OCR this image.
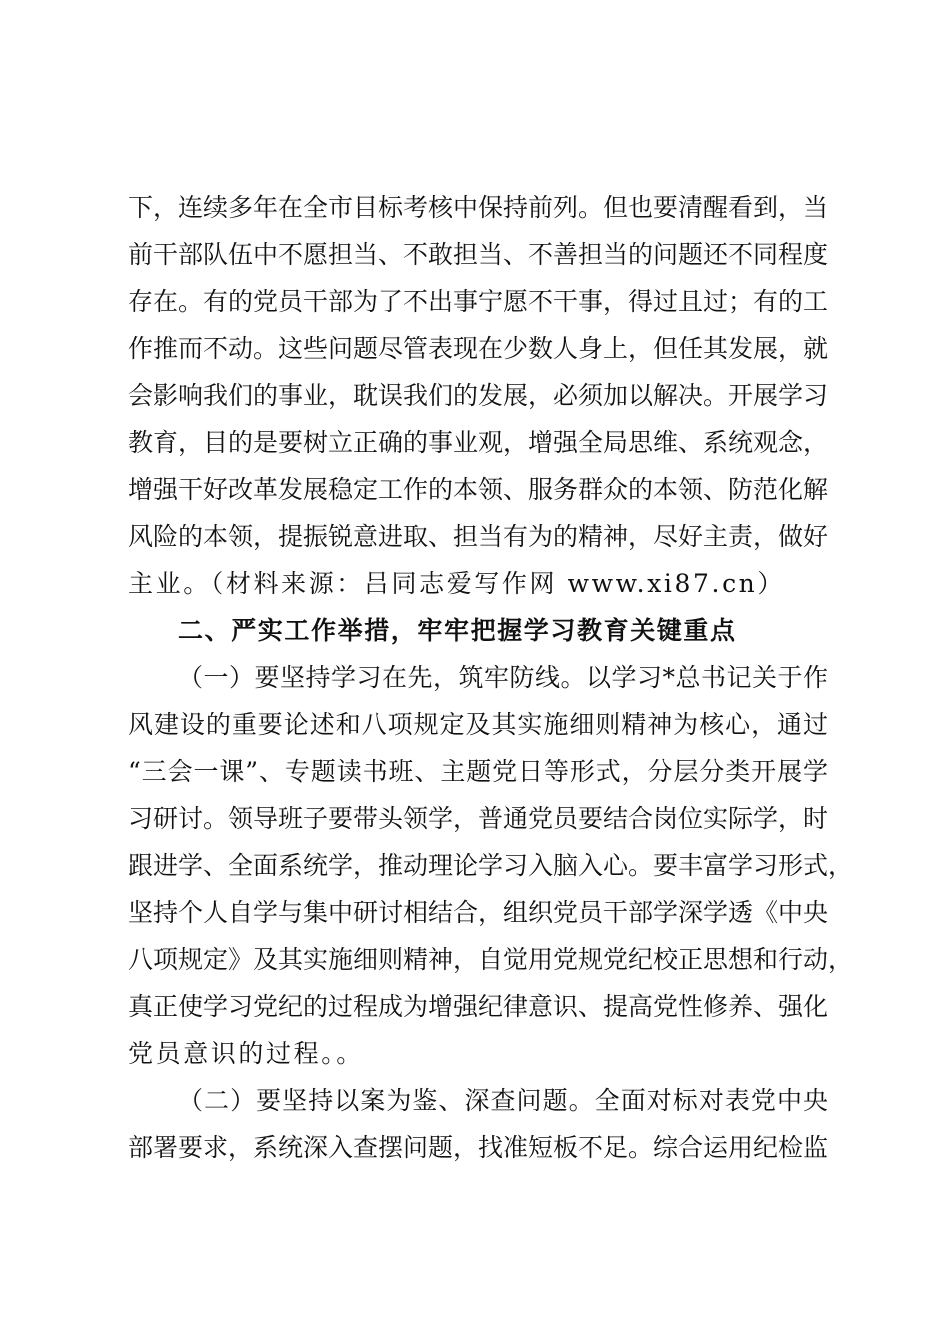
下，连续多年在全市目标考核中保持前列。但也要清醒看到，当
前干部队伍中不愿担当、不敢担当、不善担当的问题还不同程度
存在。有的党员干部为了不出事宁愿不干事，得过且过；有的工
作推而不动。这些问题尽管表现在少数人身上，但任其发展，就
会影响我们的事业，耽误我们的发展，必须加以解决。开展学习
教育，目的是要树立正确的事业观，增强全局思维、系统观念，
增强干好改革发展稳定工作的本领、服务群众的本领、防范化解
风险的本领，提振锐意进取、担当有为的精神，尽好主责，做好
主业。（材料来源：吕同志爱写作网 www.xi87.cn）
二、严实工作举措，牢牢把握学习教育关键重点
（一）要坚持学习在先，筑牢防线。以学习*总书记关于作
风建设的重要论述和八项规定及其实施细则精神为核心，通过
“三会一课”、专题读书班、主题党日等形式，分层分类开展学
习研讨。领导班子要带头领学，普通党员要结合岗位实际学，时
跟进学、全面系统学，推动理论学习入脑入心。要丰富学习形式，
坚持个人自学与集中研讨相结合，组织党员干部学深学透《中央
八项规定》及其实施细则精神，自觉用党规党纪校正思想和行动，
真正使学习党纪的过程成为增强纪律意识、提高党性修养、强化
党员意识的过程。。
（二）要坚持以案为鉴、深查问题。全面对标对表党中央
部署要求，系统深入查摆问题，找准短板不足。综合运用纪检监
